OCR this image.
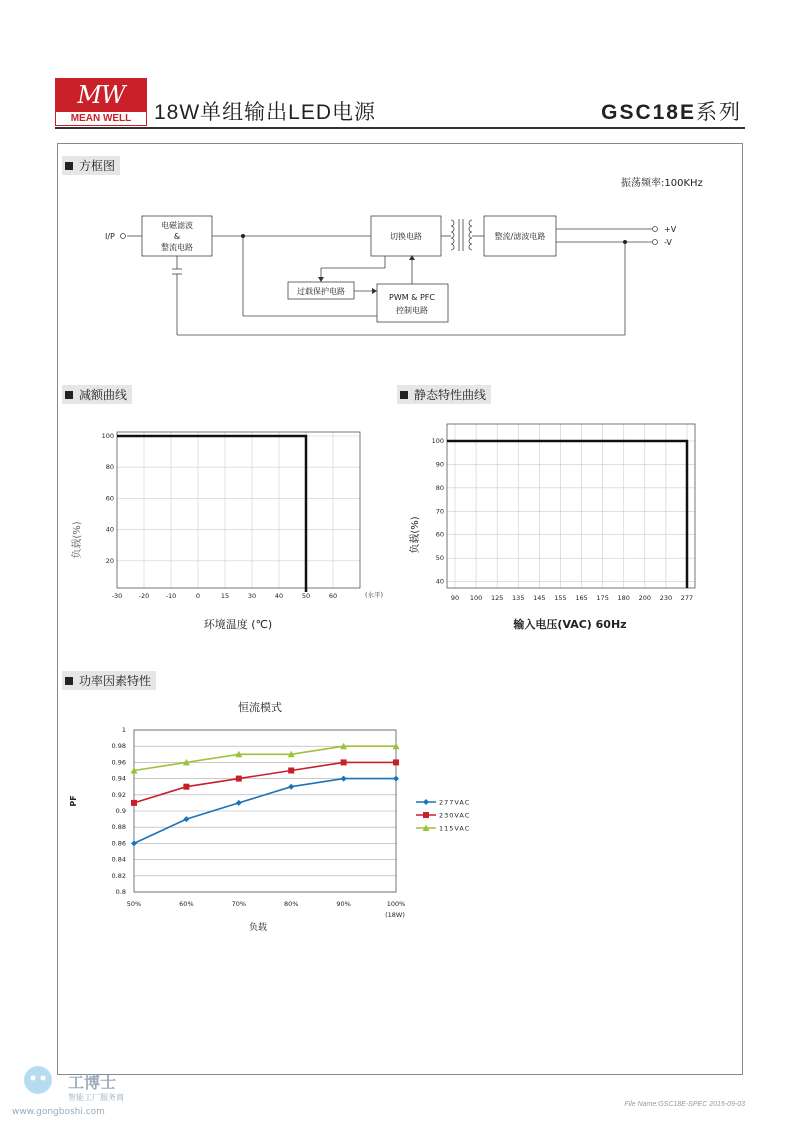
MW
MEAN WELL	18W单组输出LED电源	GSC18E系列
方框图
振荡频率:100KHz
减额曲线	静态特性曲线
功率因素特性
I/P
电磁滤波
&
整流电路
切换电路	整流/滤波电路
过载保护电路
PWM & PFC
控制电路
+V
-V
-30	-20	-10	0	15	30	40	50	60
20
40
60
80
100
(水平)
环境温度 (℃)
负载(%)
90 100 125 135 145 155 165 175 180 200 230 277
40
50
60
70
80
90
100
输入电压(VAC) 60Hz
负载(%)
恒流模式
0.8
0.82
0.84
0.86
0.88
0.9
0.92
0.94
0.96
0.98
1
50%	60%	70%	80%	90%	100%
277VAC
230VAC
115VAC
(18W)
负载
PF
工博士
智能工厂服务商
www.gongboshi.com
File Name:GSC18E-SPEC 2015-09-03
